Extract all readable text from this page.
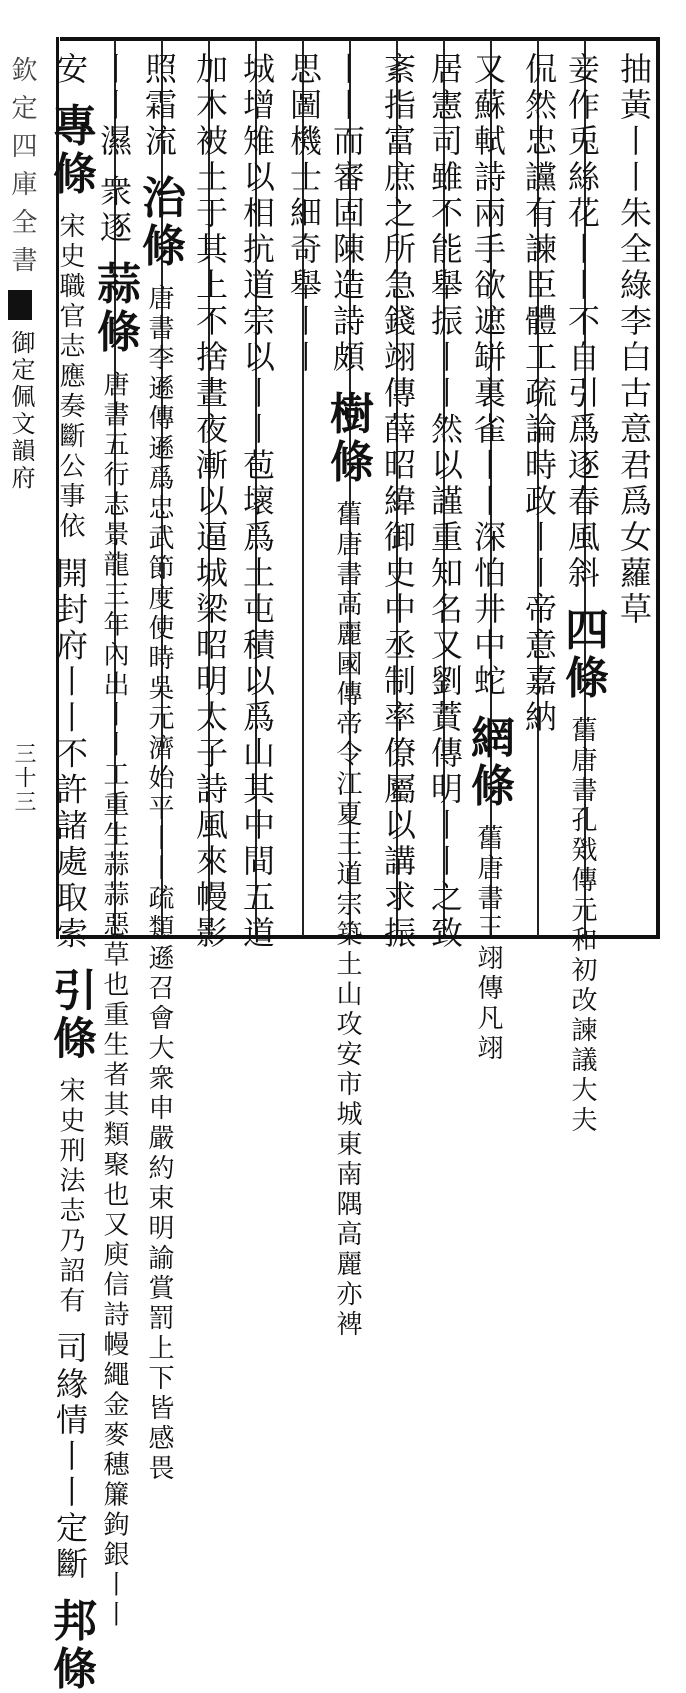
抽黃丨丨朱全綠李白古意君爲女蘿草
妾作兎絲花丨丨不自引爲逐春風斜 四條 舊唐書孔戣傳元和初改諫議大夫
侃然忠讜有諫臣體工疏論時政丨丨帝意嘉納
又蘇軾詩兩手欲遮缾裏雀丨丨深怕井中蛇 網條 舊唐書王翊傳凡翊
居憲司雖不能舉振丨丨然以謹重知名又劉蕡傳明丨丨之致
紊指富庶之所急錢翊傳薛昭緯御史中丞制率僚屬以講求振
丨丨而審固陳造詩頗 樹條 舊唐書高麗國傳帝令江夏王道宗築土山攻安市城東南隅高麗亦裨
思圖機士細奇舉丨丨
城增雉以相抗道宗以丨丨苞壞爲土屯積以爲山其中間五道
加木被土于其上不捨晝夜漸以逼城梁昭明太子詩風來幔影
照霜流 治條 唐書李遜傳遜爲忠武節度使時吳元濟始平丨丨疏類遜召會大衆申嚴約束明諭賞罰上下皆感畏
丨丨濕 衆逐 蒜條 唐書五行志景龍三年內出丨丨工重生蒜蒜惡草也重生者其類聚也又庾信詩幔繩金麥穗簾鉤銀丨丨
安 專條 宋史職官志應奏斷公事依 開封府丨丨不許諸處取索 引條 宋史刑法志乃詔有 司緣情丨丨定斷 邦條
欽定四庫全書
御定佩文韻府
三十三
